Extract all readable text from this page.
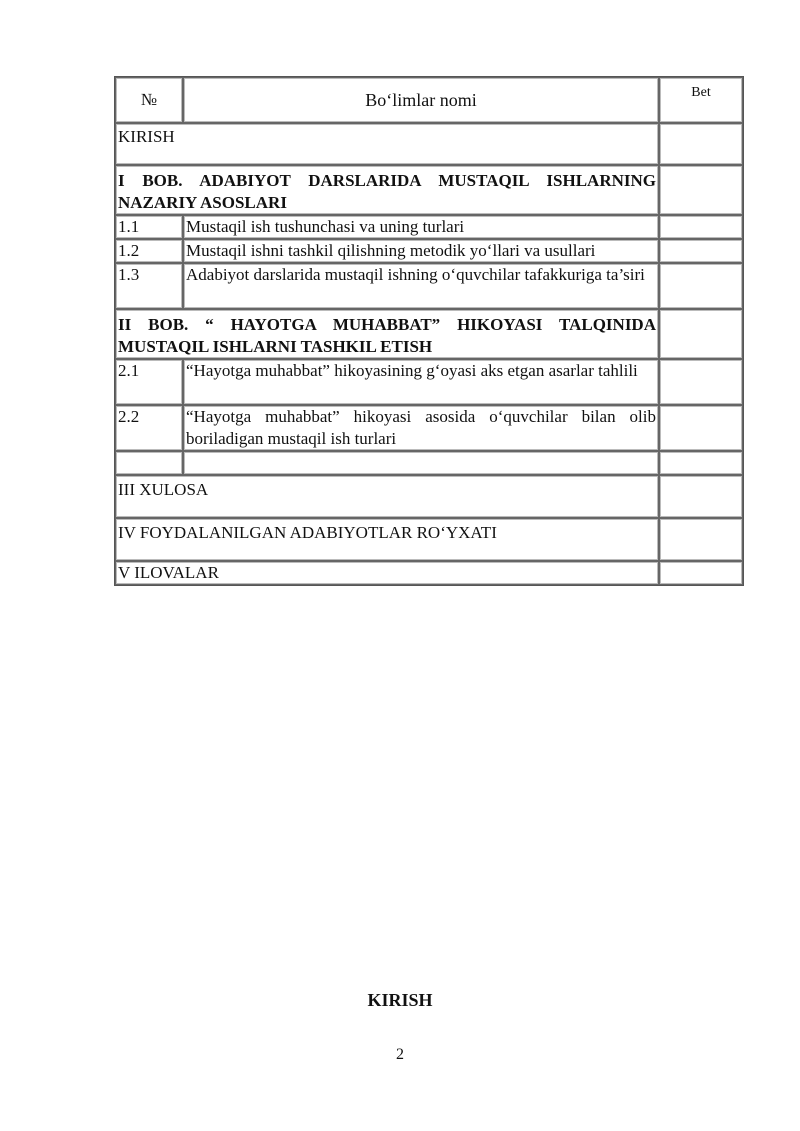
№	Bo‘limlar nomi	Bet
KIRISH		
I BOB. ADABIYOT DARSLARIDA MUSTAQIL ISHLARNING NAZARIY ASOSLARI		
1.1	Mustaqil ish tushunchasi va uning turlari	
1.2	Mustaqil ishni tashkil qilishning metodik yo‘llari va usullari	
1.3	Adabiyot darslarida mustaqil ishning o‘quvchilar tafakkuriga ta’siri	
II BOB. “ HAYOTGA MUHABBAT” HIKOYASI TALQINIDA MUSTAQIL ISHLARNI TASHKIL ETISH		
2.1	“Hayotga muhabbat” hikoyasining g‘oyasi aks etgan asarlar tahlili	
2.2	“Hayotga muhabbat” hikoyasi asosida o‘quvchilar bilan olib boriladigan mustaqil ish turlari	

III XULOSA		
IV FOYDALANILGAN ADABIYOTLAR RO‘YXATI		
V ILOVALAR		
KIRISH
2
